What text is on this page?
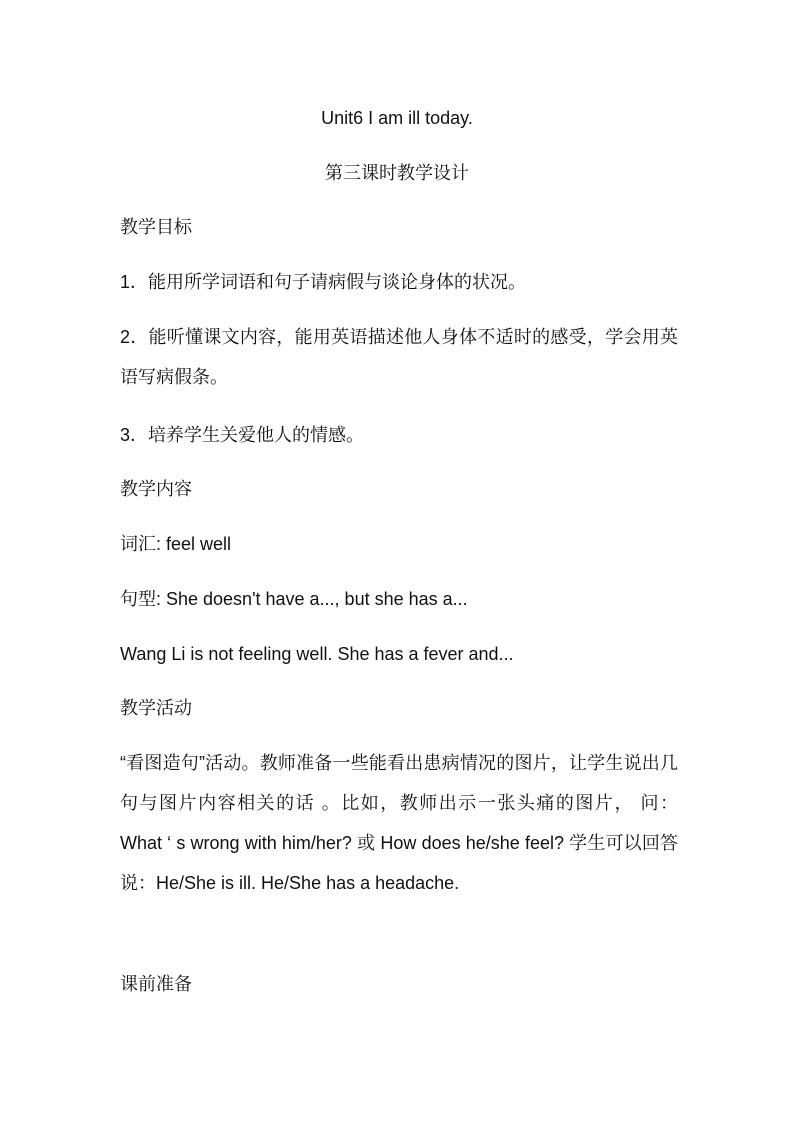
Unit6 I am ill today.
第三课时教学设计
教学目标
1．能用所学词语和句子请病假与谈论身体的状况。
2．能听懂课文内容，能用英语描述他人身体不适时的感受，学会用英语写病假条。
3．培养学生关爱他人的情感。
教学内容
词汇: feel well
句型: She doesn't have a..., but she has a...
Wang Li is not feeling well. She has a fever and...
教学活动
“看图造句”活动。教师准备一些能看出患病情况的图片，让学生说出几句与图片内容相关的话 。比如，教师出示一张头痛的图片， 问： What ‘ s wrong with him/her? 或 How does he/she feel? 学生可以回答说：He/She is ill. He/She has a headache.
课前准备
